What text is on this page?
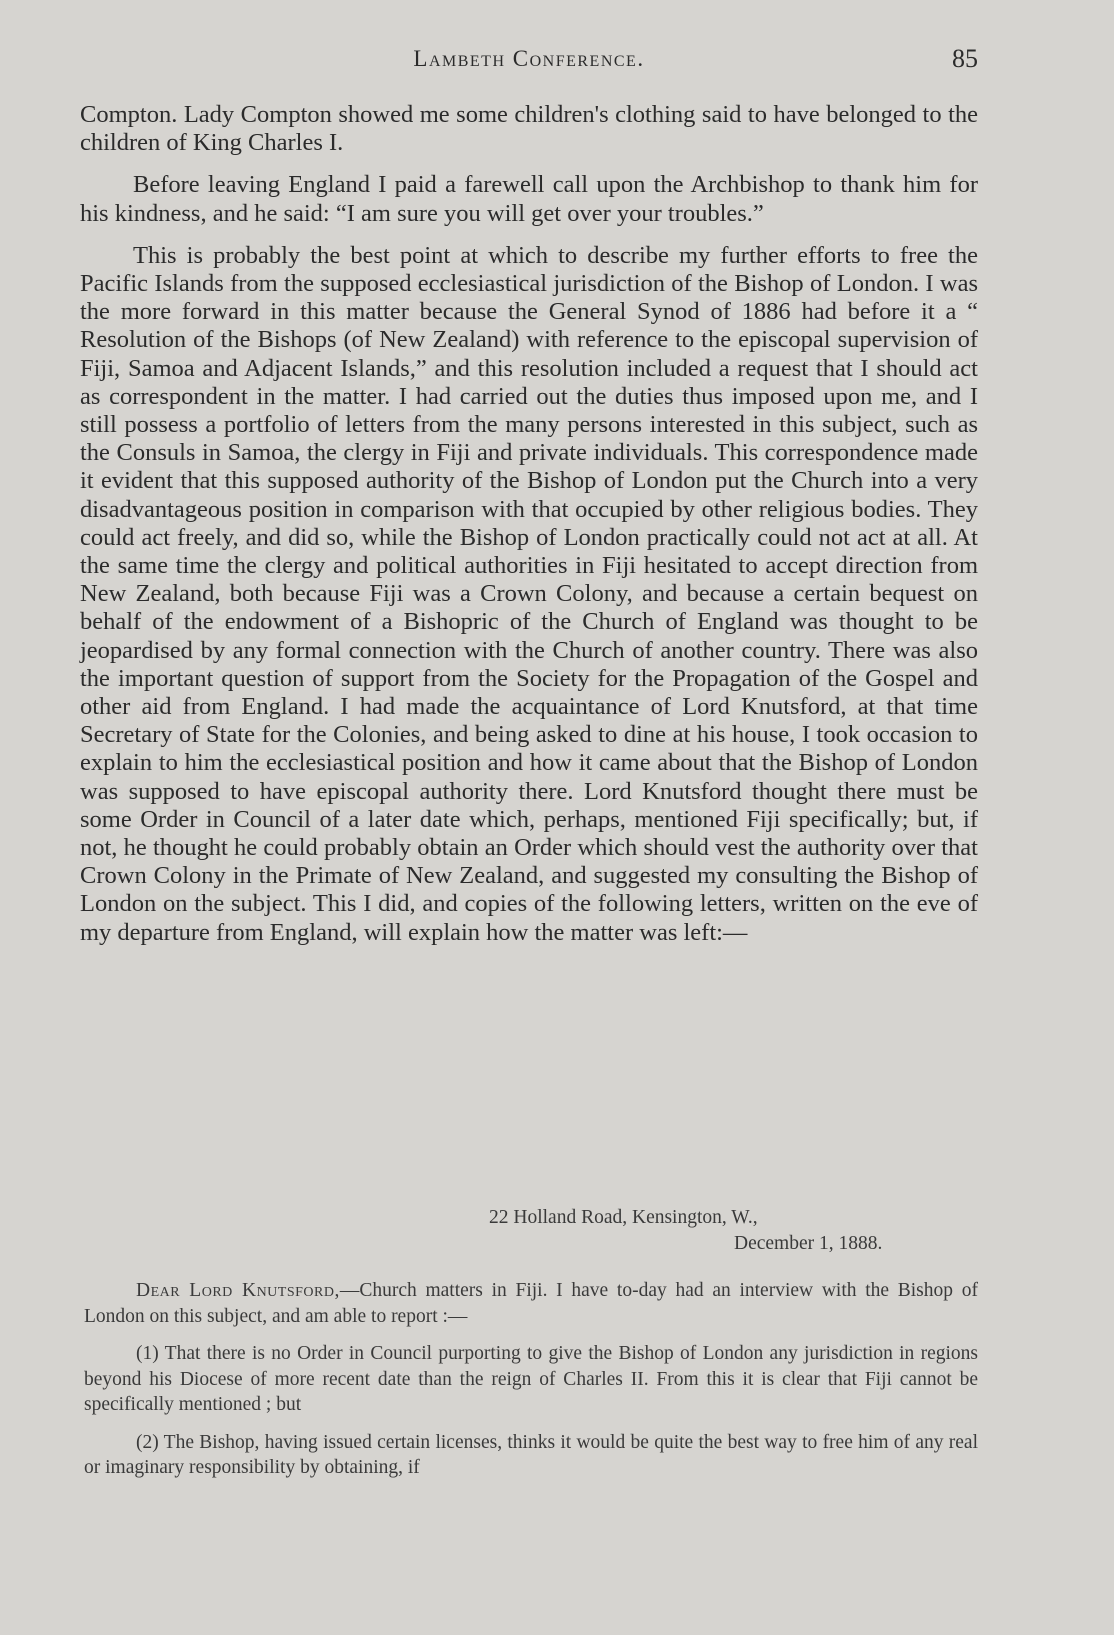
Lambeth Conference.	85

Compton. Lady Compton showed me some children's clothing said to have belonged to the children of King Charles I.

Before leaving England I paid a farewell call upon the Archbishop to thank him for his kindness, and he said: “I am sure you will get over your troubles.”

This is probably the best point at which to describe my further efforts to free the Pacific Islands from the supposed ecclesiastical jurisdiction of the Bishop of London. I was the more forward in this matter because the General Synod of 1886 had before it a “ Resolution of the Bishops (of New Zealand) with reference to the episcopal supervision of Fiji, Samoa and Adjacent Islands,” and this resolution included a request that I should act as correspondent in the matter. I had carried out the duties thus imposed upon me, and I still possess a portfolio of letters from the many persons interested in this subject, such as the Consuls in Samoa, the clergy in Fiji and private individuals. This correspondence made it evident that this supposed authority of the Bishop of London put the Church into a very disadvantageous position in comparison with that occupied by other religious bodies. They could act freely, and did so, while the Bishop of London practically could not act at all. At the same time the clergy and political authorities in Fiji hesitated to accept direction from New Zealand, both because Fiji was a Crown Colony, and because a certain bequest on behalf of the endowment of a Bishopric of the Church of England was thought to be jeopardised by any formal connection with the Church of another country. There was also the important question of support from the Society for the Propagation of the Gospel and other aid from England. I had made the acquaintance of Lord Knutsford, at that time Secretary of State for the Colonies, and being asked to dine at his house, I took occasion to explain to him the ecclesiastical position and how it came about that the Bishop of London was supposed to have episcopal authority there. Lord Knutsford thought there must be some Order in Council of a later date which, perhaps, mentioned Fiji specifically; but, if not, he thought he could probably obtain an Order which should vest the authority over that Crown Colony in the Primate of New Zealand, and suggested my consulting the Bishop of London on the subject. This I did, and copies of the following letters, written on the eve of my departure from England, will explain how the matter was left:—

22 Holland Road, Kensington, W.,

December 1, 1888.

Dear Lord Knutsford,—Church matters in Fiji. I have to-day had an interview with the Bishop of London on this subject, and am able to report :—

(1) That there is no Order in Council purporting to give the Bishop of London any jurisdiction in regions beyond his Diocese of more recent date than the reign of Charles II. From this it is clear that Fiji cannot be specifically mentioned ; but

(2) The Bishop, having issued certain licenses, thinks it would be quite the best way to free him of any real or imaginary responsibility by obtaining, if
